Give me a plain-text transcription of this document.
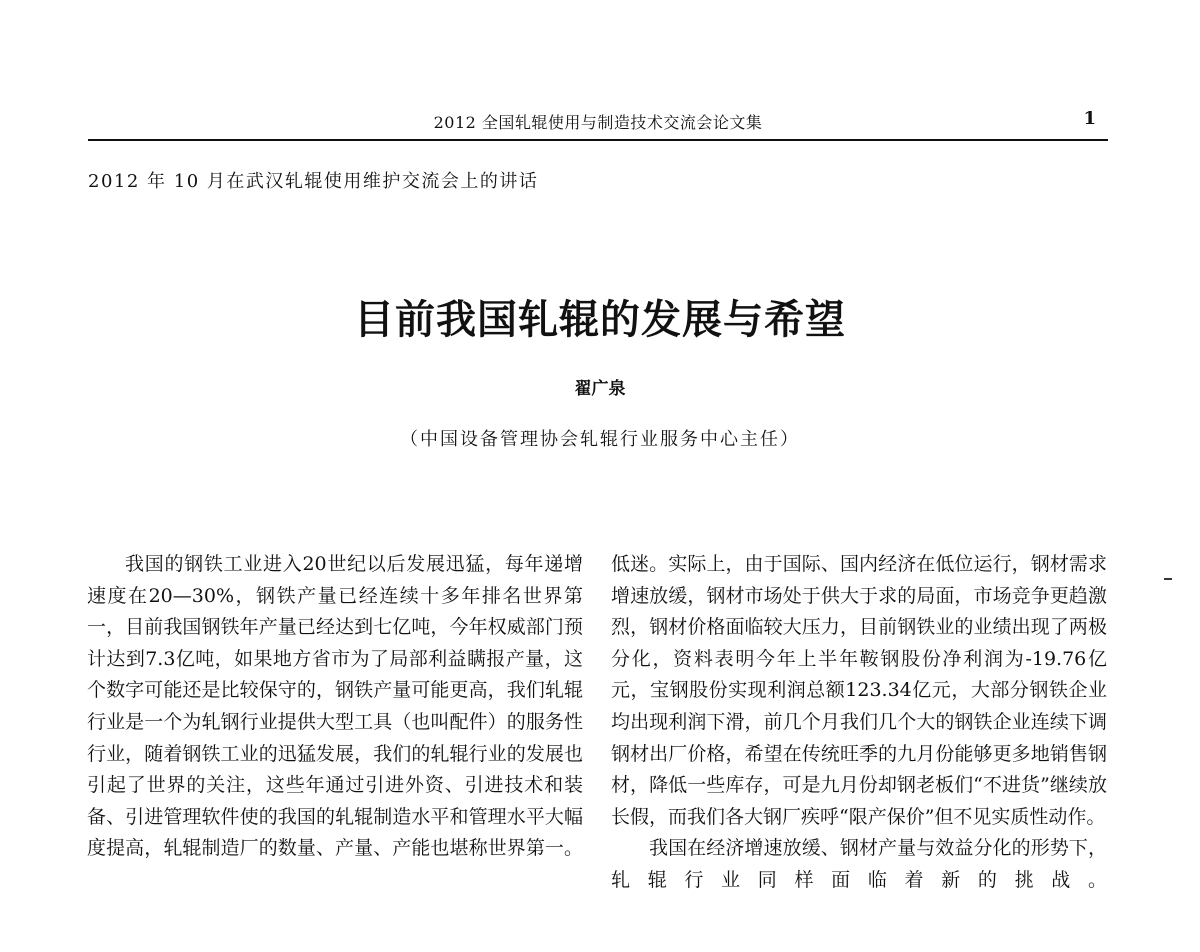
2012 全国轧辊使用与制造技术交流会论文集	1
2012 年 10 月在武汉轧辊使用维护交流会上的讲话
目前我国轧辊的发展与希望
翟广泉
（中国设备管理协会轧辊行业服务中心主任）

我国的钢铁工业进入20世纪以后发展迅猛，每年递增速度在20—30%，钢铁产量已经连续十多年排名世界第一，目前我国钢铁年产量已经达到七亿吨，今年权威部门预计达到7.3亿吨，如果地方省市为了局部利益瞒报产量，这个数字可能还是比较保守的，钢铁产量可能更高，我们轧辊行业是一个为轧钢行业提供大型工具（也叫配件）的服务性行业，随着钢铁工业的迅猛发展，我们的轧辊行业的发展也引起了世界的关注，这些年通过引进外资、引进技术和装备、引进管理软件使的我国的轧辊制造水平和管理水平大幅度提高，轧辊制造厂的数量、产量、产能也堪称世界第一。

低迷。实际上，由于国际、国内经济在低位运行，钢材需求增速放缓，钢材市场处于供大于求的局面，市场竞争更趋激烈，钢材价格面临较大压力，目前钢铁业的业绩出现了两极分化，资料表明今年上半年鞍钢股份净利润为-19.76亿元，宝钢股份实现利润总额123.34亿元，大部分钢铁企业均出现利润下滑，前几个月我们几个大的钢铁企业连续下调钢材出厂价格，希望在传统旺季的九月份能够更多地销售钢材，降低一些库存，可是九月份却钢老板们“不进货”继续放长假，而我们各大钢厂疾呼“限产保价”但不见实质性动作。

我国在经济增速放缓、钢材产量与效益分化的形势下，轧辊行业同样面临着新的挑战。
